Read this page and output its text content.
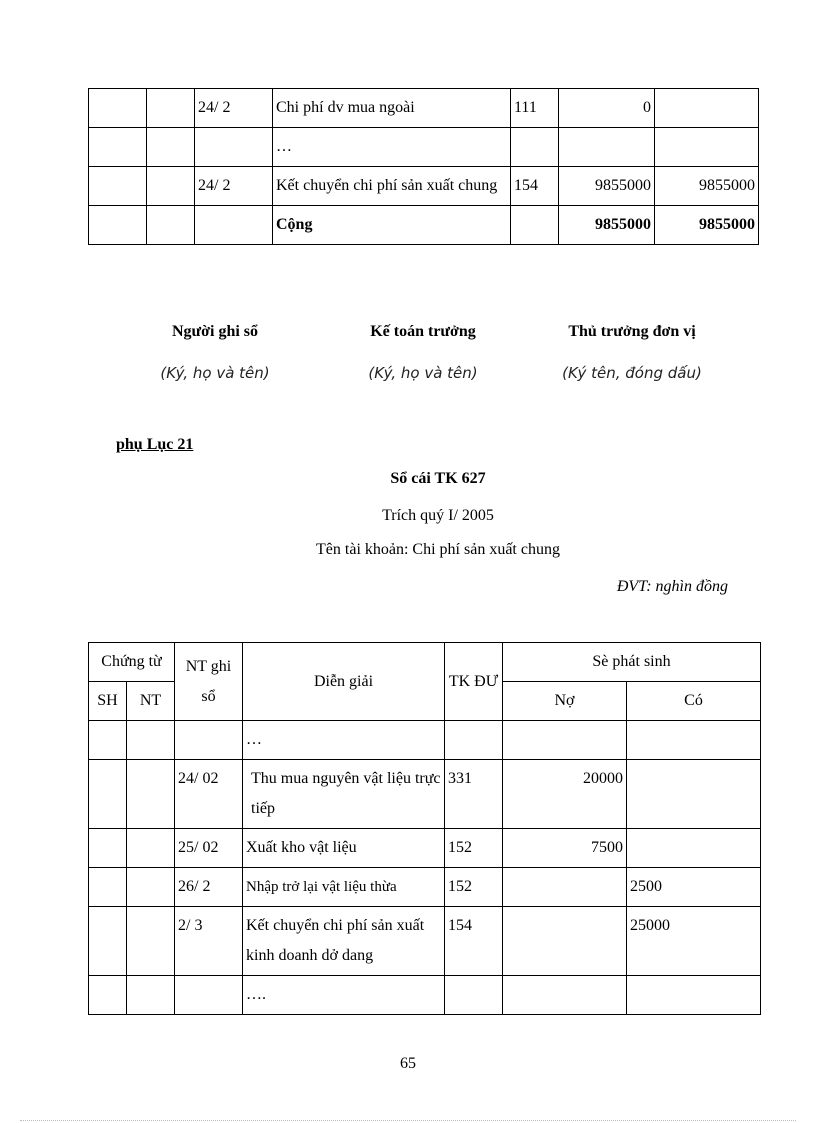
		24/ 2	Chi phí dv mua ngoài	111	0	
			…			
		24/ 2	Kết chuyển chi phí sản xuất chung	154	9855000	9855000
			Cộng		9855000	9855000
Người ghi sổ	Kế toán trưởng	Thủ trưởng đơn vị
(Ký, họ và tên)	(Ký, họ và tên)	(Ký tên, đóng dấu)
phụ Lục 21
Sổ cái TK 627
Trích quý I/ 2005
Tên tài khoản: Chi phí sản xuất chung
ĐVT: nghìn đồng
Chứng từ		NT ghi sổ	Diễn giải	TK ĐƯ	Sè phát sinh	
SH	NT				Nợ	Có
			…			
		24/ 02	Thu mua nguyên vật liệu trực tiếp	331	20000	
		25/ 02	Xuất kho vật liệu	152	7500	
		26/ 2	Nhập trở lại vật liệu thừa	152		2500
		2/ 3	Kết chuyển chi phí sản xuất kinh doanh dở dang	154		25000
			….			
65
